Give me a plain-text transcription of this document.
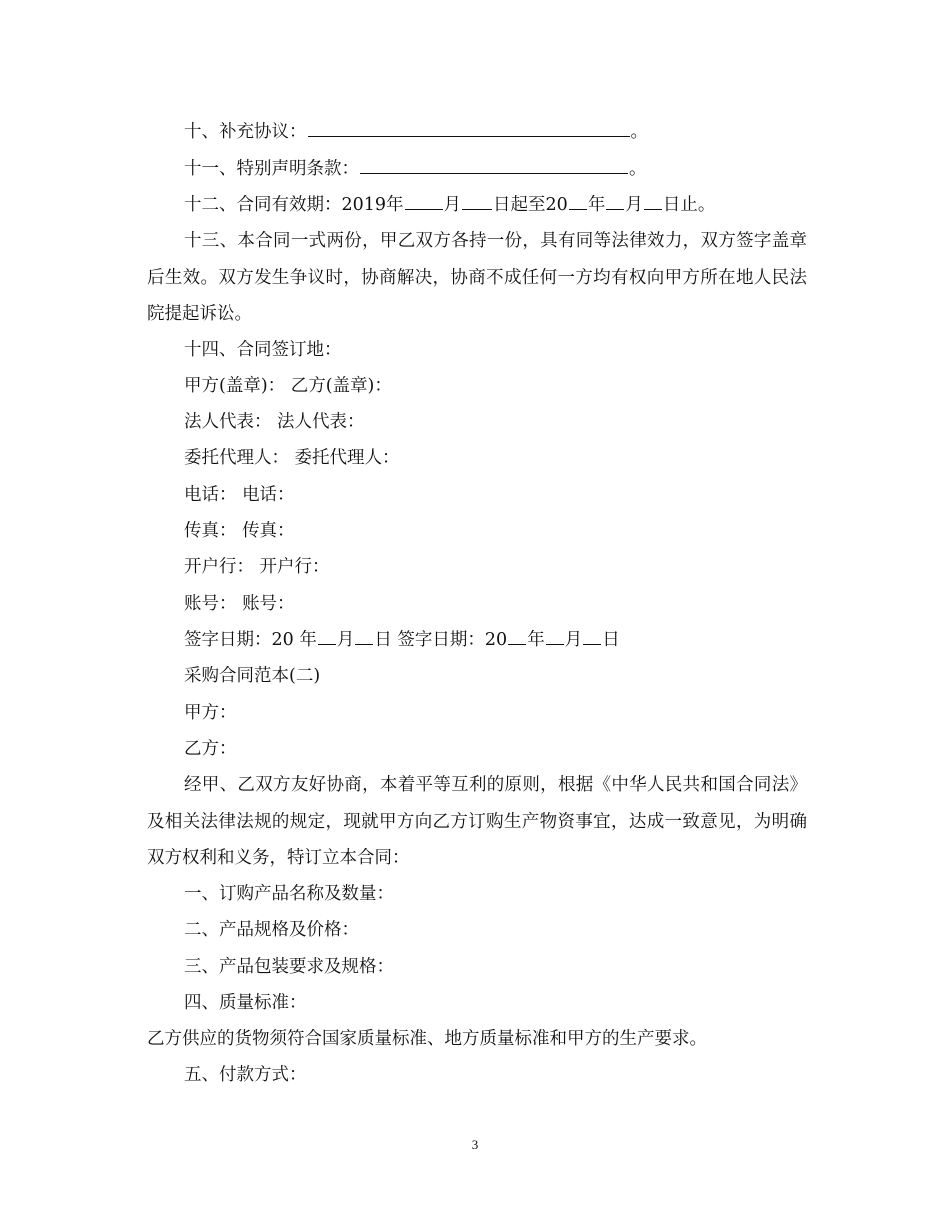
十、补充协议：	。

十一、特别声明条款：	。

十二、合同有效期：2019年 月 日起至20 年 月 日止。

十三、本合同一式两份，甲乙双方各持一份，具有同等法律效力，双方签字盖章后生效。双方发生争议时，协商解决，协商不成任何一方均有权向甲方所在地人民法院提起诉讼。

十四、合同签订地：

甲方(盖章)： 乙方(盖章)：

法人代表： 法人代表：

委托代理人： 委托代理人：

电话： 电话：

传真： 传真：

开户行： 开户行：

账号： 账号：

签字日期：20 年 月 日 签字日期：20 年 月 日

采购合同范本(二)

甲方：

乙方：

经甲、乙双方友好协商，本着平等互利的原则，根据《中华人民共和国合同法》及相关法律法规的规定，现就甲方向乙方订购生产物资事宜，达成一致意见，为明确双方权利和义务，特订立本合同：

一、订购产品名称及数量：

二、产品规格及价格：

三、产品包装要求及规格：

四、质量标准：

乙方供应的货物须符合国家质量标准、地方质量标准和甲方的生产要求。

五、付款方式：

3
